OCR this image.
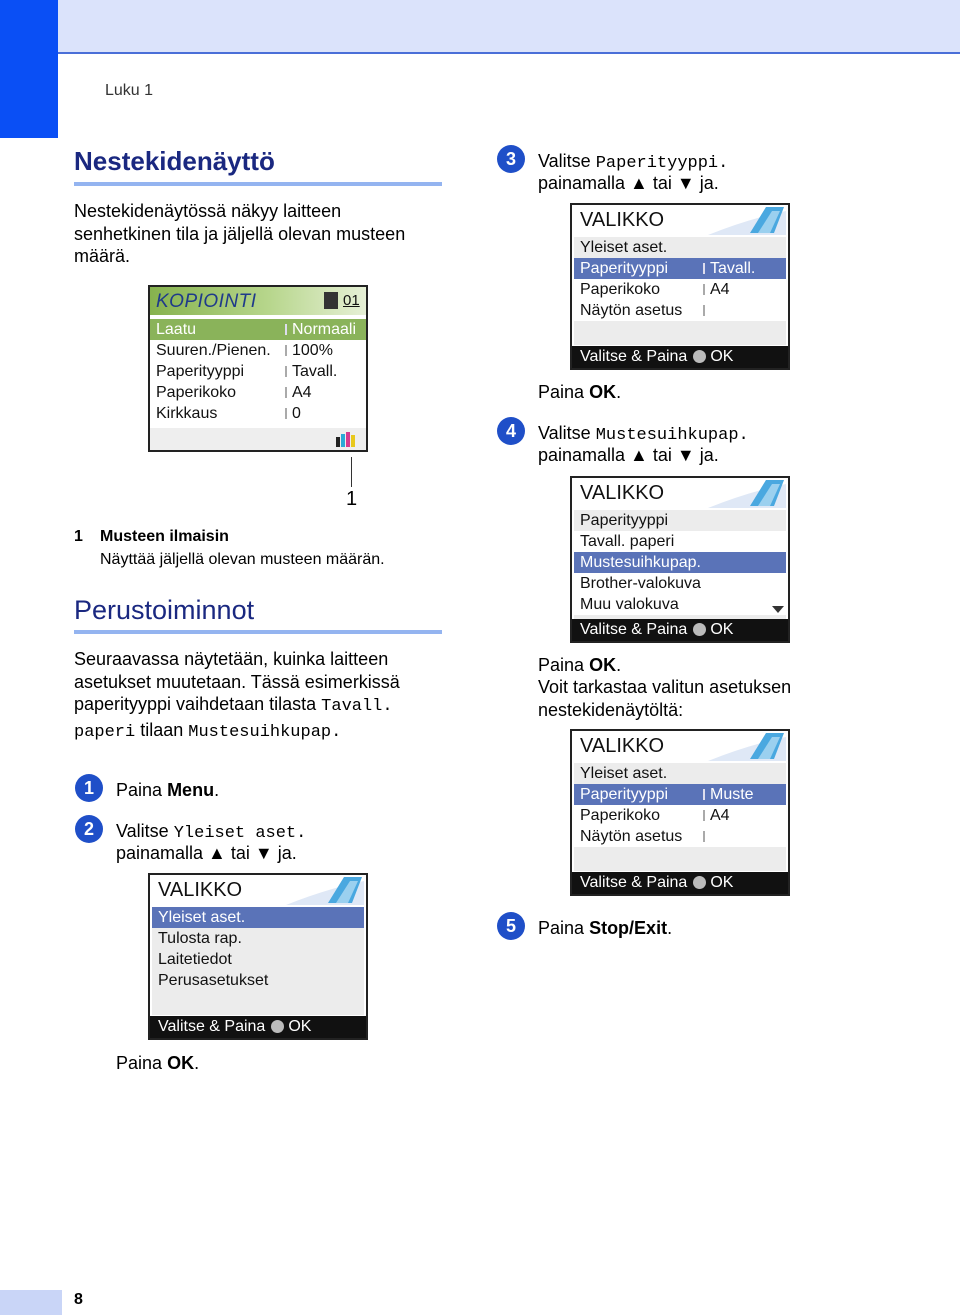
Luku 1
Nestekidenäyttö
Nestekidenäytössä näkyy laitteen senhetkinen tila ja jäljellä olevan musteen määrä.
KOPIOINTI	01
Laatu	Normaali
Suuren./Pienen. 100%
Paperityyppi	Tavall.
Paperikoko	A4
Kirkkaus	0
1
1 Musteen ilmaisin
Näyttää jäljellä olevan musteen määrän.
Perustoiminnot
Seuraavassa näytetään, kuinka laitteen asetukset muutetaan. Tässä esimerkissä paperityyppi vaihdetaan tilasta Tavall. paperi tilaan Mustesuihkupap.
1	Paina Menu.
2	Valitse Yleiset aset.
painamalla ▲ tai ▼ ja.
VALIKKO
Yleiset aset.
Tulosta rap.
Laitetiedot
Perusasetukset
Valitse & Paina OK
Paina OK.
3	Valitse Paperityyppi.
painamalla ▲ tai ▼ ja.
VALIKKO
Yleiset aset.
Paperityyppi	Tavall.
Paperikoko	A4
Näytön asetus
Valitse & Paina OK
Paina OK.
4	Valitse Mustesuihkupap.
painamalla ▲ tai ▼ ja.
VALIKKO
Paperityyppi
Tavall. paperi
Mustesuihkupap.
Brother-valokuva
Muu valokuva
Valitse & Paina OK
Paina OK.
Voit tarkastaa valitun asetuksen nestekidenäytöltä:
VALIKKO
Yleiset aset.
Paperityyppi	Muste
Paperikoko	A4
Näytön asetus
Valitse & Paina OK
5	Paina Stop/Exit.
8
